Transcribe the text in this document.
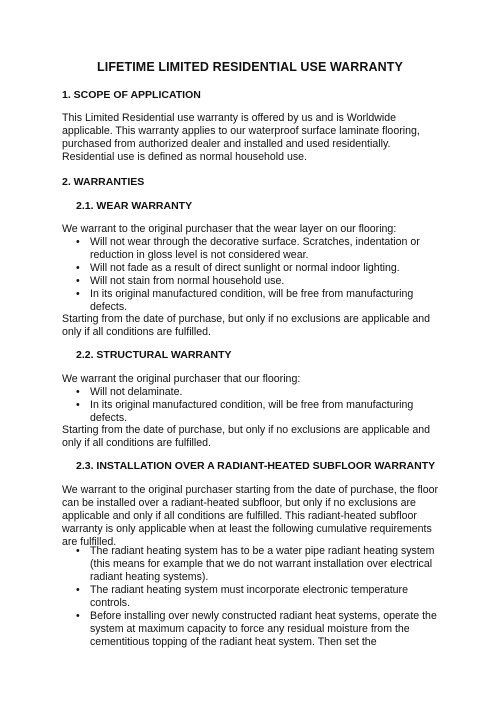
LIFETIME LIMITED RESIDENTIAL USE WARRANTY
1. SCOPE OF APPLICATION
This Limited Residential use warranty is offered by us and is Worldwide applicable. This warranty applies to our waterproof surface laminate flooring, purchased from authorized dealer and installed and used residentially. Residential use is defined as normal household use.
2. WARRANTIES
2.1. WEAR WARRANTY
We warrant to the original purchaser that the wear layer on our flooring:
• Will not wear through the decorative surface. Scratches, indentation or reduction in gloss level is not considered wear.
• Will not fade as a result of direct sunlight or normal indoor lighting.
• Will not stain from normal household use.
• In its original manufactured condition, will be free from manufacturing defects.
Starting from the date of purchase, but only if no exclusions are applicable and only if all conditions are fulfilled.
2.2. STRUCTURAL WARRANTY
We warrant the original purchaser that our flooring:
• Will not delaminate.
• In its original manufactured condition, will be free from manufacturing defects.
Starting from the date of purchase, but only if no exclusions are applicable and only if all conditions are fulfilled.
2.3. INSTALLATION OVER A RADIANT-HEATED SUBFLOOR WARRANTY
We warrant to the original purchaser starting from the date of purchase, the floor can be installed over a radiant-heated subfloor, but only if no exclusions are applicable and only if all conditions are fulfilled. This radiant-heated subfloor warranty is only applicable when at least the following cumulative requirements are fulfilled.
• The radiant heating system has to be a water pipe radiant heating system (this means for example that we do not warrant installation over electrical radiant heating systems).
• The radiant heating system must incorporate electronic temperature controls.
• Before installing over newly constructed radiant heat systems, operate the system at maximum capacity to force any residual moisture from the cementitious topping of the radiant heat system. Then set the
